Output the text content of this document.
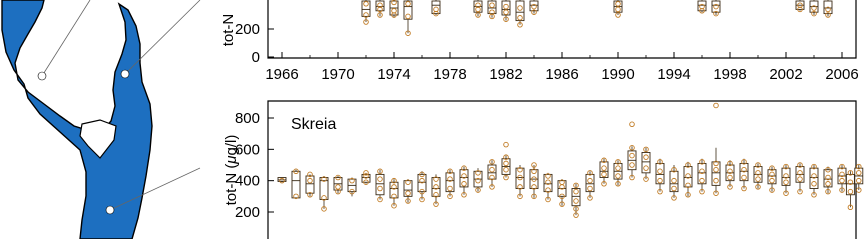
0
200
1966 1970 1974 1978 1982 1986 1990 1994 1998 2002 2006
tot-N
Skreia
200
400
600
800
tot-N (μg/l)
